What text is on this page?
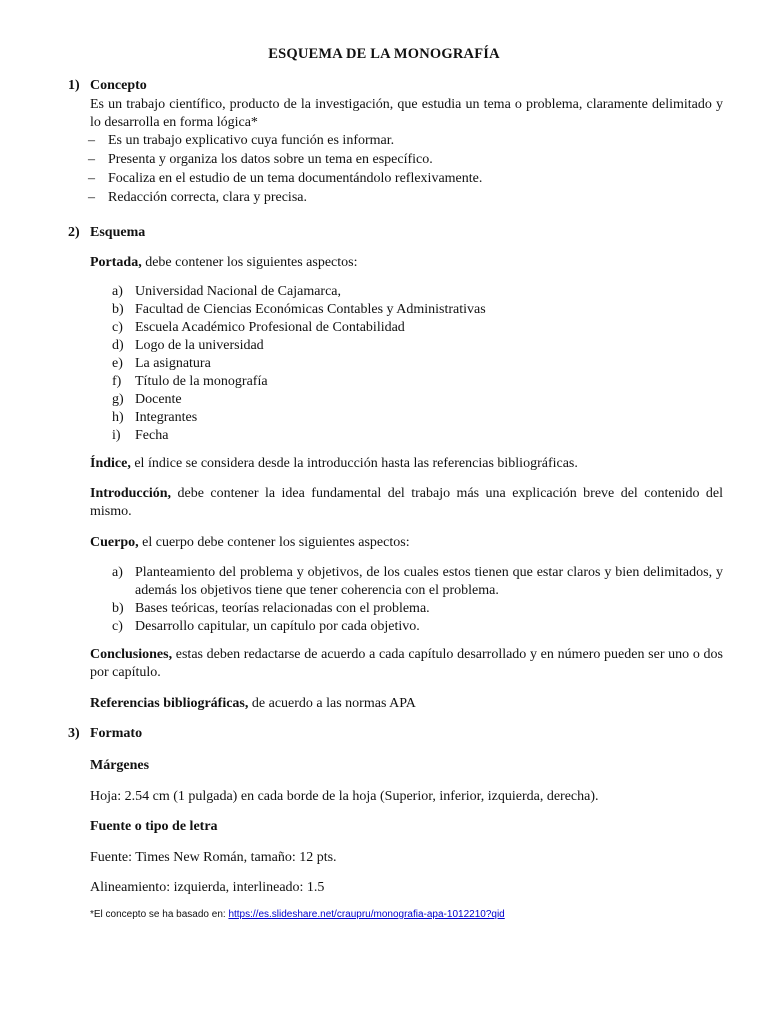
ESQUEMA DE LA MONOGRAFÍA
1) Concepto
Es un trabajo científico, producto de la investigación, que estudia un tema o problema, claramente delimitado y lo desarrolla en forma lógica*
– Es un trabajo explicativo cuya función es informar.
– Presenta y organiza los datos sobre un tema en específico.
– Focaliza en el estudio de un tema documentándolo reflexivamente.
– Redacción correcta, clara y precisa.
2) Esquema
Portada, debe contener los siguientes aspectos:
a) Universidad Nacional de Cajamarca,
b) Facultad de Ciencias Económicas Contables y Administrativas
c) Escuela Académico Profesional de Contabilidad
d) Logo de la universidad
e) La asignatura
f) Título de la monografía
g) Docente
h) Integrantes
i) Fecha
Índice, el índice se considera desde la introducción hasta las referencias bibliográficas.
Introducción, debe contener la idea fundamental del trabajo más una explicación breve del contenido del mismo.
Cuerpo, el cuerpo debe contener los siguientes aspectos:
a) Planteamiento del problema y objetivos, de los cuales estos tienen que estar claros y bien delimitados, y además los objetivos tiene que tener coherencia con el problema.
b) Bases teóricas, teorías relacionadas con el problema.
c) Desarrollo capitular, un capítulo por cada objetivo.
Conclusiones, estas deben redactarse de acuerdo a cada capítulo desarrollado y en número pueden ser uno o dos por capítulo.
Referencias bibliográficas, de acuerdo a las normas APA
3) Formato
Márgenes
Hoja: 2.54 cm (1 pulgada) en cada borde de la hoja (Superior, inferior, izquierda, derecha).
Fuente o tipo de letra
Fuente: Times New Román, tamaño: 12 pts.
Alineamiento: izquierda, interlineado: 1.5
*El concepto se ha basado en: https://es.slideshare.net/craupru/monografia-apa-1012210?qid
